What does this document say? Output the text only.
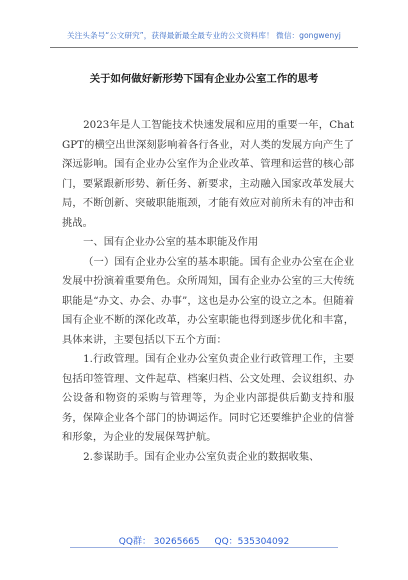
关注头条号“公文研究”，获得最新最全最专业的公文资料库！ 微信：gongwenyj
关于如何做好新形势下国有企业办公室工作的思考

2023年是人工智能技术快速发展和应用的重要一年，ChatGPT的横空出世深刻影响着各行各业，对人类的发展方向产生了深远影响。国有企业办公室作为企业改革、管理和运营的核心部门，要紧跟新形势、新任务、新要求，主动融入国家改革发展大局，不断创新、突破职能瓶颈，才能有效应对前所未有的冲击和挑战。

一、国有企业办公室的基本职能及作用

（一）国有企业办公室的基本职能。国有企业办公室在企业发展中扮演着重要角色。众所周知，国有企业办公室的三大传统职能是“办文、办会、办事”，这也是办公室的设立之本。但随着国有企业不断的深化改革，办公室职能也得到逐步优化和丰富，具体来讲，主要包括以下五个方面：

1.行政管理。国有企业办公室负责企业行政管理工作，主要包括印签管理、文件起草、档案归档、公文处理、会议组织、办公设备和物资的采购与管理等，为企业内部提供后勤支持和服务，保障企业各个部门的协调运作。同时它还要维护企业的信誉和形象，为企业的发展保驾护航。

2.参谋助手。国有企业办公室负责企业的数据收集、

QQ群： 30265665 QQ：535304092
